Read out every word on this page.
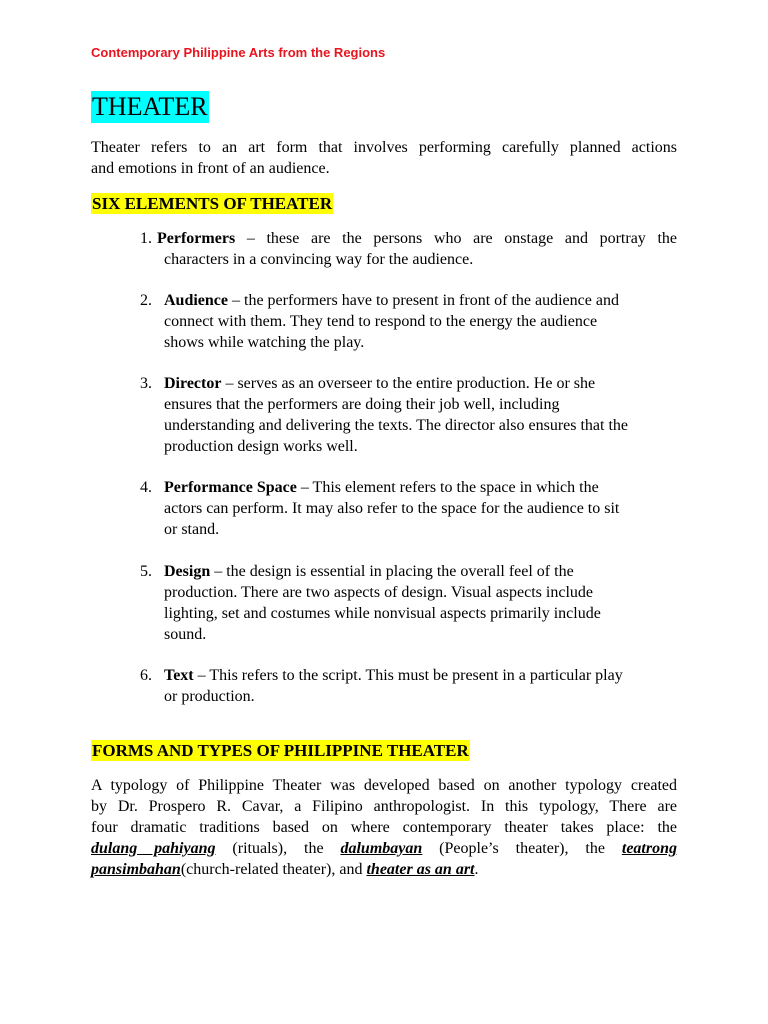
Contemporary Philippine Arts from the Regions
THEATER
Theater refers to an art form that involves performing carefully planned actions
and emotions in front of an audience.
SIX ELEMENTS OF THEATER
1. Performers – these are the persons who are onstage and portray the
characters in a convincing way for the audience.
2. Audience – the performers have to present in front of the audience and
connect with them. They tend to respond to the energy the audience
shows while watching the play.
3. Director – serves as an overseer to the entire production. He or she
ensures that the performers are doing their job well, including
understanding and delivering the texts. The director also ensures that the
production design works well.
4. Performance Space – This element refers to the space in which the
actors can perform. It may also refer to the space for the audience to sit
or stand.
5. Design – the design is essential in placing the overall feel of the
production. There are two aspects of design. Visual aspects include
lighting, set and costumes while nonvisual aspects primarily include
sound.
6. Text – This refers to the script. This must be present in a particular play
or production.
FORMS AND TYPES OF PHILIPPINE THEATER
A typology of Philippine Theater was developed based on another typology created
by Dr. Prospero R. Cavar, a Filipino anthropologist. In this typology, There are
four dramatic traditions based on where contemporary theater takes place: the
dulang pahiyang (rituals), the dalumbayan (People’s theater), the teatrong
pansimbahan(church-related theater), and theater as an art.
